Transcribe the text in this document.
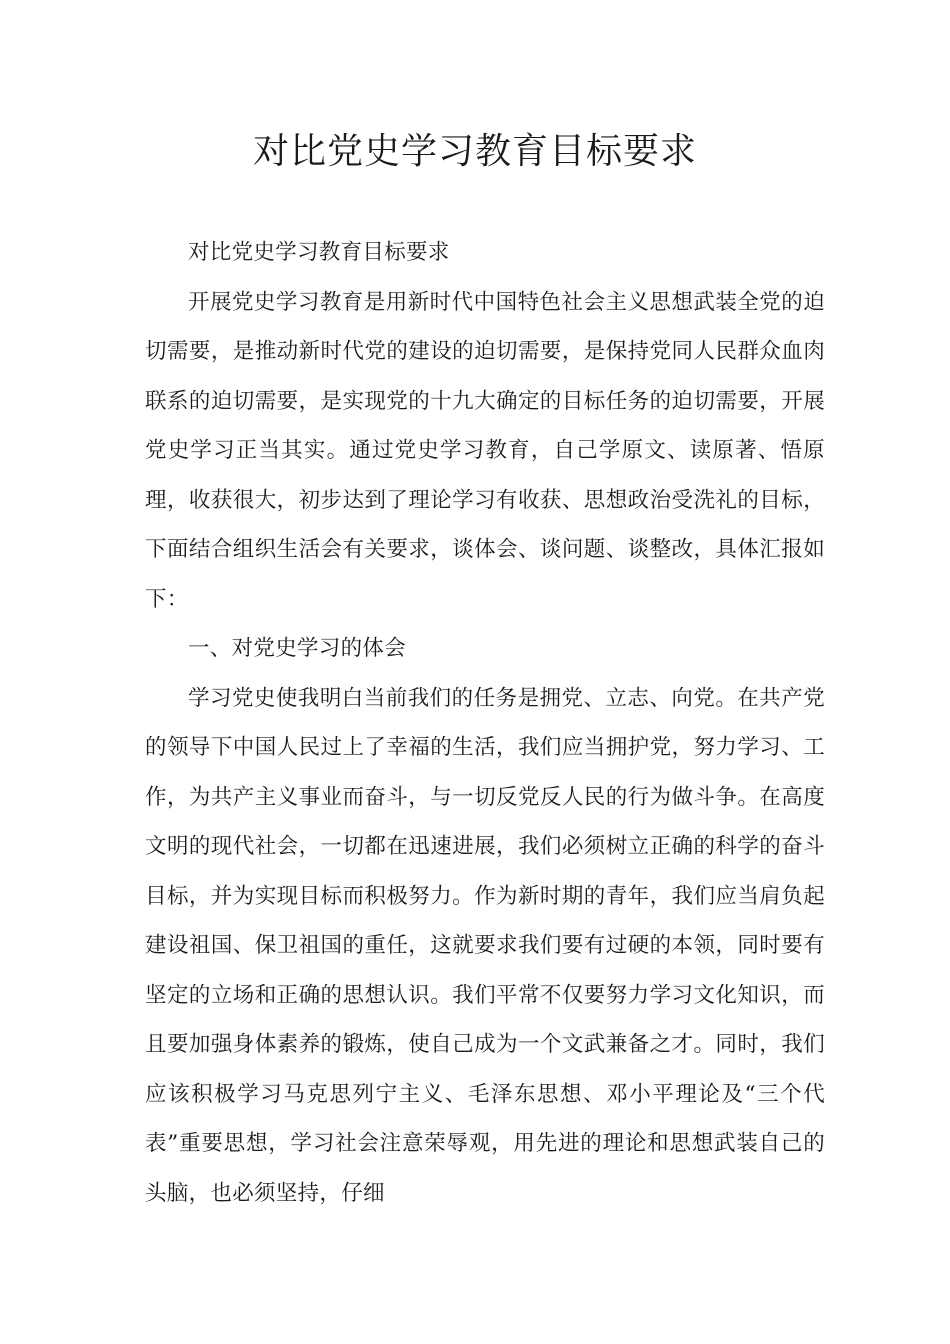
对比党史学习教育目标要求

对比党史学习教育目标要求

开展党史学习教育是用新时代中国特色社会主义思想武装全党的迫切需要，是推动新时代党的建设的迫切需要，是保持党同人民群众血肉联系的迫切需要，是实现党的十九大确定的目标任务的迫切需要，开展党史学习正当其实。通过党史学习教育，自己学原文、读原著、悟原理，收获很大，初步达到了理论学习有收获、思想政治受洗礼的目标，下面结合组织生活会有关要求，谈体会、谈问题、谈整改，具体汇报如下：

一、对党史学习的体会

学习党史使我明白当前我们的任务是拥党、立志、向党。在共产党的领导下中国人民过上了幸福的生活，我们应当拥护党，努力学习、工作，为共产主义事业而奋斗，与一切反党反人民的行为做斗争。在高度文明的现代社会，一切都在迅速进展，我们必须树立正确的科学的奋斗目标，并为实现目标而积极努力。作为新时期的青年，我们应当肩负起建设祖国、保卫祖国的重任，这就要求我们要有过硬的本领，同时要有坚定的立场和正确的思想认识。我们平常不仅要努力学习文化知识，而且要加强身体素养的锻炼，使自己成为一个文武兼备之才。同时，我们应该积极学习马克思列宁主义、毛泽东思想、邓小平理论及“三个代表”重要思想，学习社会注意荣辱观，用先进的理论和思想武装自己的头脑，也必须坚持，仔细
